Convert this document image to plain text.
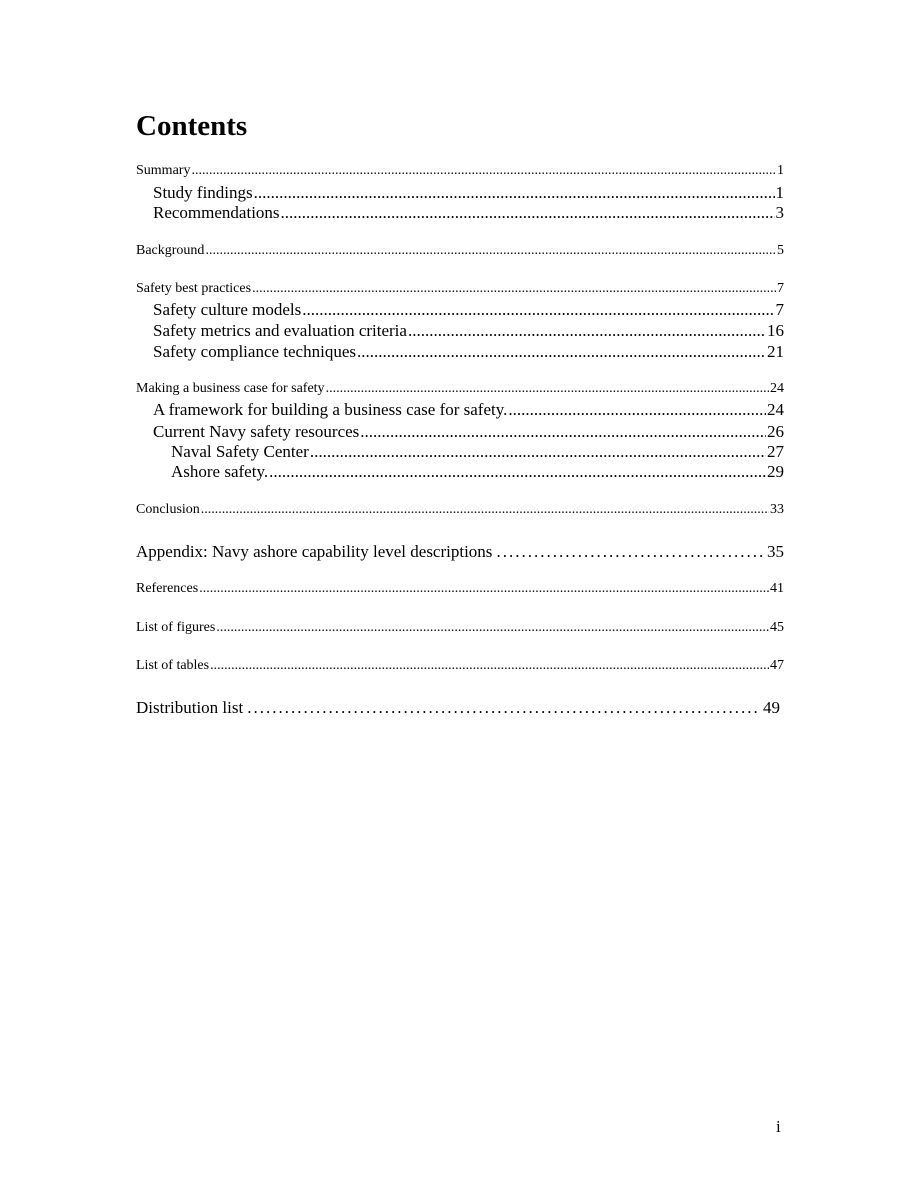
Contents
Summary .....	1
Study findings .....	1
Recommendations .....	3
Background .....	5
Safety best practices .....	7
Safety culture models .....	7
Safety metrics and evaluation criteria .....	16
Safety compliance techniques .....	21
Making a business case for safety .....	24
A framework for building a business case for safety. .....	24
Current Navy safety resources .....	26
Naval Safety Center .....	27
Ashore safety. .....	29
Conclusion .....	33
Appendix: Navy ashore capability level descriptions .....	35
References .....	41
List of figures .....	45
List of tables .....	47
Distribution list .....	49
i
